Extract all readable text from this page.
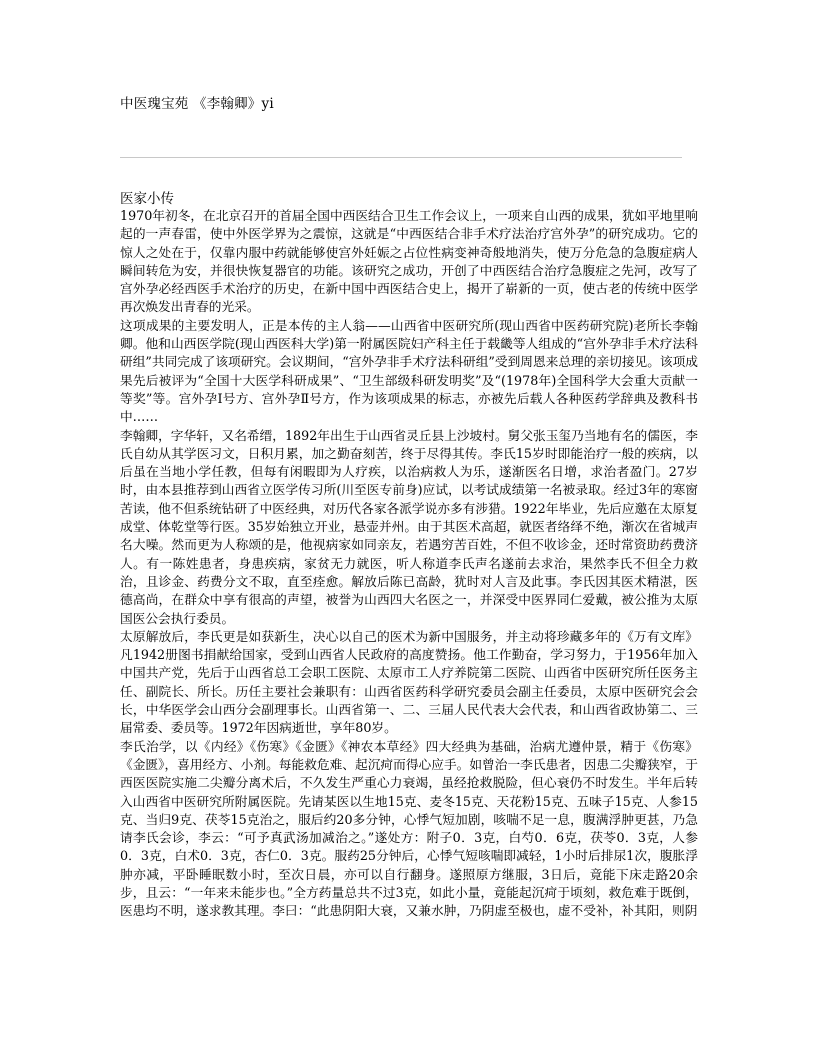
中医瑰宝苑 《李翰卿》yi
医家小传

1970年初冬，在北京召开的首届全国中西医结合卫生工作会议上，一项来自山西的成果，犹如平地里响起的一声春雷，使中外医学界为之震惊，这就是“中西医结合非手术疗法治疗宫外孕”的研究成功。它的惊人之处在于，仅靠内服中药就能够使宫外妊娠之占位性病变神奇般地消失，使万分危急的急腹症病人瞬间转危为安，并很快恢复器官的功能。该研究之成功，开创了中西医结合治疗急腹症之先河，改写了宫外孕必经西医手术治疗的历史，在新中国中西医结合史上，揭开了崭新的一页，使古老的传统中医学再次焕发出青春的光采。

这项成果的主要发明人，正是本传的主人翁——山西省中医研究所(现山西省中医药研究院)老所长李翰卿。他和山西医学院(现山西医科大学)第一附属医院妇产科主任于载畿等人组成的“宫外孕非手术疗法科研组”共同完成了该项研究。会议期间，“宫外孕非手术疗法科研组”受到周恩来总理的亲切接见。该项成果先后被评为“全国十大医学科研成果”、“卫生部级科研发明奖”及“(1978年)全国科学大会重大贡献一等奖”等。宫外孕Ⅰ号方、宫外孕Ⅱ号方，作为该项成果的标志，亦被先后载人各种医药学辞典及教科书中……

李翰卿，字华轩，又名希缙，1892年出生于山西省灵丘县上沙坡村。舅父张玉玺乃当地有名的儒医，李氏自幼从其学医习文，日积月累，加之勤奋刻苦，终于尽得其传。李氏15岁时即能治疗一般的疾病，以后虽在当地小学任教，但每有闲暇即为人疗疾，以治病救人为乐，遂渐医名日增，求治者盈门。27岁时，由本县推荐到山西省立医学传习所(川至医专前身)应试，以考试成绩第一名被录取。经过3年的寒窗苦读，他不但系统钻研了中医经典，对历代各家各派学说亦多有涉猎。1922年毕业，先后应邀在太原复成堂、体乾堂等行医。35岁始独立开业，悬壶并州。由于其医术高超，就医者络绎不绝，渐次在省城声名大噪。然而更为人称颂的是，他视病家如同亲友，若遇穷苦百姓，不但不收诊金，还时常资助药费济人。有一陈姓患者，身患疾病，家贫无力就医，听人称道李氏声名遂前去求治，果然李氏不但全力救治，且诊金、药费分文不取，直至痊愈。解放后陈已高龄，犹时对人言及此事。李氏因其医术精湛，医德高尚，在群众中享有很高的声望，被誉为山西四大名医之一，并深受中医界同仁爱戴，被公推为太原国医公会执行委员。

太原解放后，李氏更是如获新生，决心以自己的医术为新中国服务，并主动将珍藏多年的《万有文库》凡1942册图书捐献给国家，受到山西省人民政府的高度赞扬。他工作勤奋，学习努力，于1956年加入中国共产党，先后于山西省总工会职工医院、太原市工人疗养院第二医院、山西省中医研究所任医务主任、副院长、所长。历任主要社会兼职有：山西省医药科学研究委员会副主任委员，太原中医研究会会长，中华医学会山西分会副理事长。山西省第一、二、三届人民代表大会代表，和山西省政协第二、三届常委、委员等。1972年因病逝世，享年80岁。

李氏治学，以《内经》《伤寒》《金匮》《神农本草经》四大经典为基础，治病尤遵仲景，精于《伤寒》《金匮》，喜用经方、小剂。每能救危难、起沉疴而得心应手。如曾治一李氏患者，因患二尖瓣狭窄，于西医医院实施二尖瓣分离术后，不久发生严重心力衰竭，虽经抢救脱险，但心衰仍不时发生。半年后转入山西省中医研究所附属医院。先请某医以生地15克、麦冬15克、天花粉15克、五味子15克、人参15克、当归9克、茯苓15克治之，服后约20多分钟，心悸气短加剧，咳喘不足一息，腹满浮肿更甚，乃急请李氏会诊，李云：“可予真武汤加减治之。”遂处方：附子0．3克，白芍0．6克，茯苓0．3克，人参0．3克，白术0．3克，杏仁0．3克。服药25分钟后，心悸气短咳喘即减轻，1小时后排尿1次，腹胀浮肿亦减，平卧睡眠数小时，至次日晨，亦可以自行翻身。遂照原方继服，3日后，竟能下床走路20余步，且云：“一年来未能步也。”全方药量总共不过3克，如此小量，竟能起沉疴于顷刻，救危难于既倒，医患均不明，遂求教其理。李曰：“此患阴阳大衰，又兼水肿，乃阴虚至极也，虚不受补，补其阳，则阴
